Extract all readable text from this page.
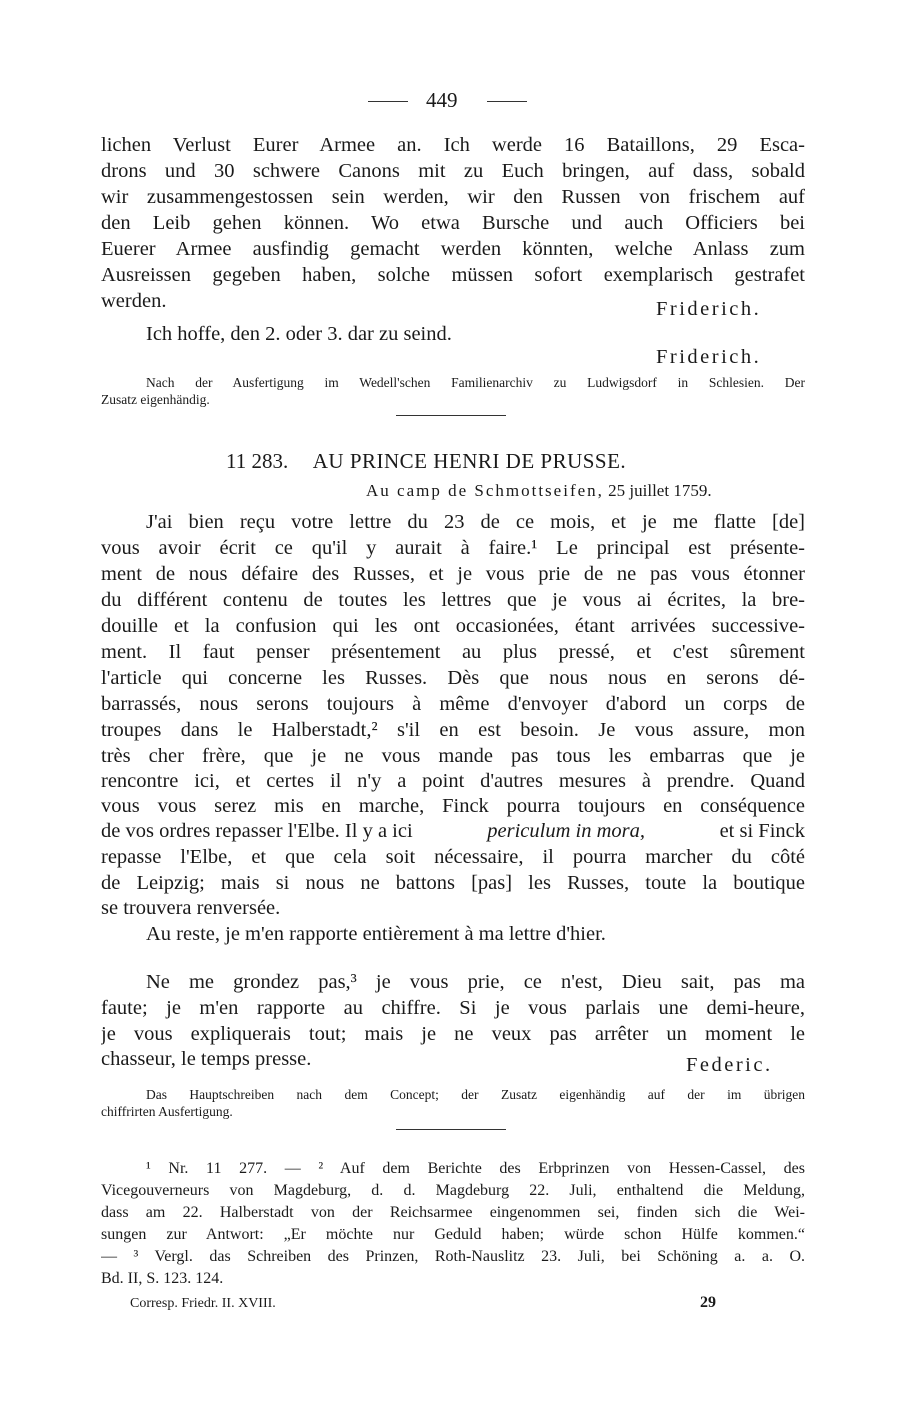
449
lichen Verlust Eurer Armee an. Ich werde 16 Bataillons, 29 Esca-
drons und 30 schwere Canons mit zu Euch bringen, auf dass, sobald
wir zusammengestossen sein werden, wir den Russen von frischem auf
den Leib gehen können. Wo etwa Bursche und auch Officiers bei
Euerer Armee ausfindig gemacht werden könnten, welche Anlass zum
Ausreissen gegeben haben, solche müssen sofort exemplarisch gestrafet
werden.	Friderich.
Ich hoffe, den 2. oder 3. dar zu seind.
Friderich.
Nach der Ausfertigung im Wedell'schen Familienarchiv zu Ludwigsdorf in Schlesien. Der
Zusatz eigenhändig.
11 283. AU PRINCE HENRI DE PRUSSE.
Au camp de Schmottseifen, 25 juillet 1759.
J'ai bien reçu votre lettre du 23 de ce mois, et je me flatte [de]
vous avoir écrit ce qu'il y aurait à faire.¹ Le principal est présente-
ment de nous défaire des Russes, et je vous prie de ne pas vous étonner
du différent contenu de toutes les lettres que je vous ai écrites, la bre-
douille et la confusion qui les ont occasionées, étant arrivées successive-
ment. Il faut penser présentement au plus pressé, et c'est sûrement
l'article qui concerne les Russes. Dès que nous nous en serons dé-
barrassés, nous serons toujours à même d'envoyer d'abord un corps de
troupes dans le Halberstadt,² s'il en est besoin. Je vous assure, mon
très cher frère, que je ne vous mande pas tous les embarras que je
rencontre ici, et certes il n'y a point d'autres mesures à prendre. Quand
vous vous serez mis en marche, Finck pourra toujours en conséquence
de vos ordres repasser l'Elbe. Il y a ici	periculum in mora,	et si Finck
repasse l'Elbe, et que cela soit nécessaire, il pourra marcher du côté
de Leipzig; mais si nous ne battons [pas] les Russes, toute la boutique
se trouvera renversée.
Au reste, je m'en rapporte entièrement à ma lettre d'hier.
Ne me grondez pas,³ je vous prie, ce n'est, Dieu sait, pas ma
faute; je m'en rapporte au chiffre. Si je vous parlais une demi-heure,
je vous expliquerais tout; mais je ne veux pas arrêter un moment le
chasseur, le temps presse.	Federic.
Das Hauptschreiben nach dem Concept; der Zusatz eigenhändig auf der im übrigen
chiffrirten Ausfertigung.
¹ Nr. 11 277. — ² Auf dem Berichte des Erbprinzen von Hessen-Cassel, des
Vicegouverneurs von Magdeburg, d. d. Magdeburg 22. Juli, enthaltend die Meldung,
dass am 22. Halberstadt von der Reichsarmee eingenommen sei, finden sich die Wei-
sungen zur Antwort: „Er möchte nur Geduld haben; würde schon Hülfe kommen.“
— ³ Vergl. das Schreiben des Prinzen, Roth-Nauslitz 23. Juli, bei Schöning a. a. O.
Bd. II, S. 123. 124.
Corresp. Friedr. II. XVIII.	29
